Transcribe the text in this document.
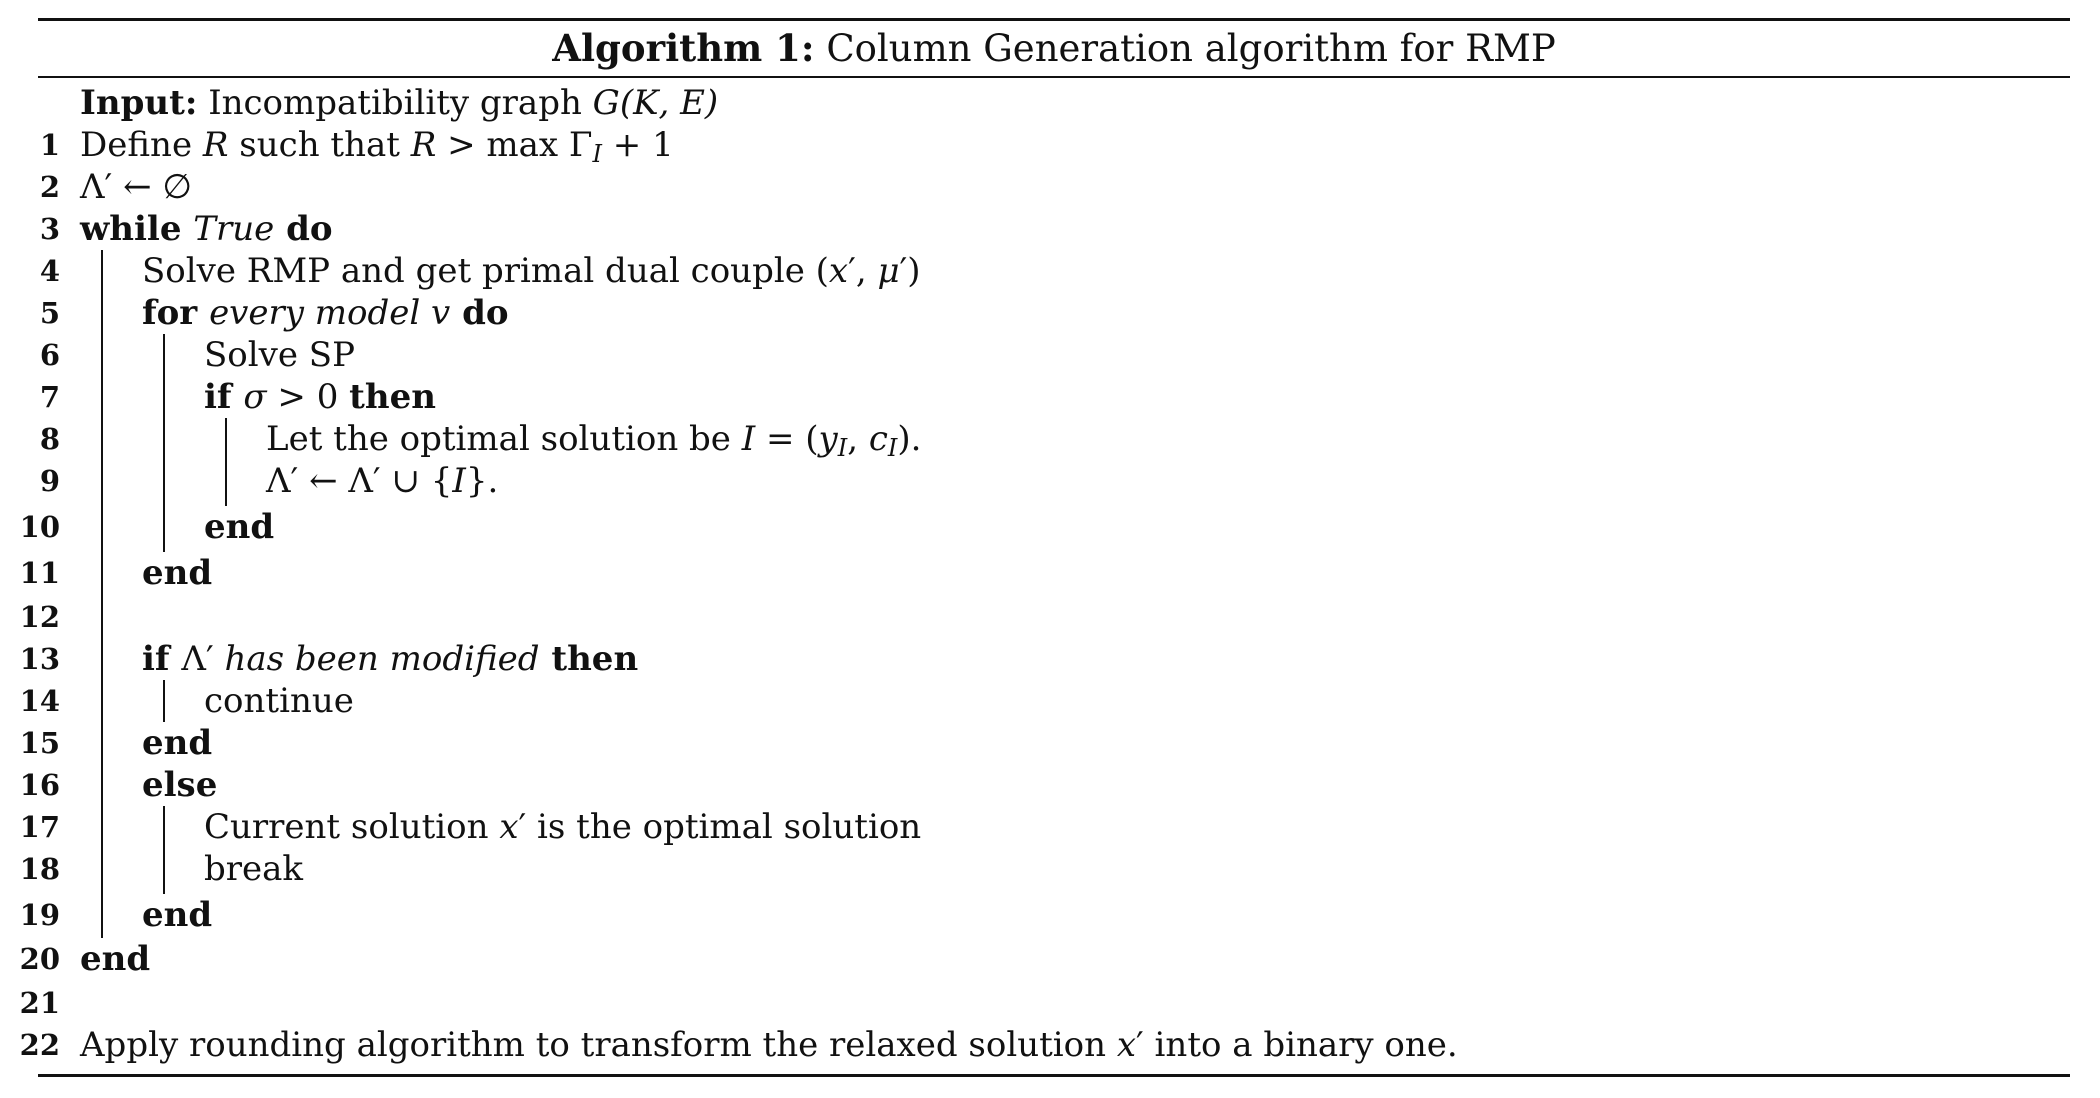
Algorithm 1: Column Generation algorithm for RMP
Input: Incompatibility graph G(K, E)
1 Define R such that R > max ΓI + 1
2 Λ′ ← ∅
3 while True do
4 Solve RMP and get primal dual couple (x′, μ′)
5 for every model v do
6	Solve SP
7	if σ > 0 then
8	Let the optimal solution be I = (yI, cI).
9	Λ′ ← Λ′ ∪ {I}.
10	end
11 end
12
13 if Λ′ has been modified then
14	continue
15 end
16 else
17	Current solution x′ is the optimal solution
18	break
19 end
20 end
21
22 Apply rounding algorithm to transform the relaxed solution x′ into a binary one.
